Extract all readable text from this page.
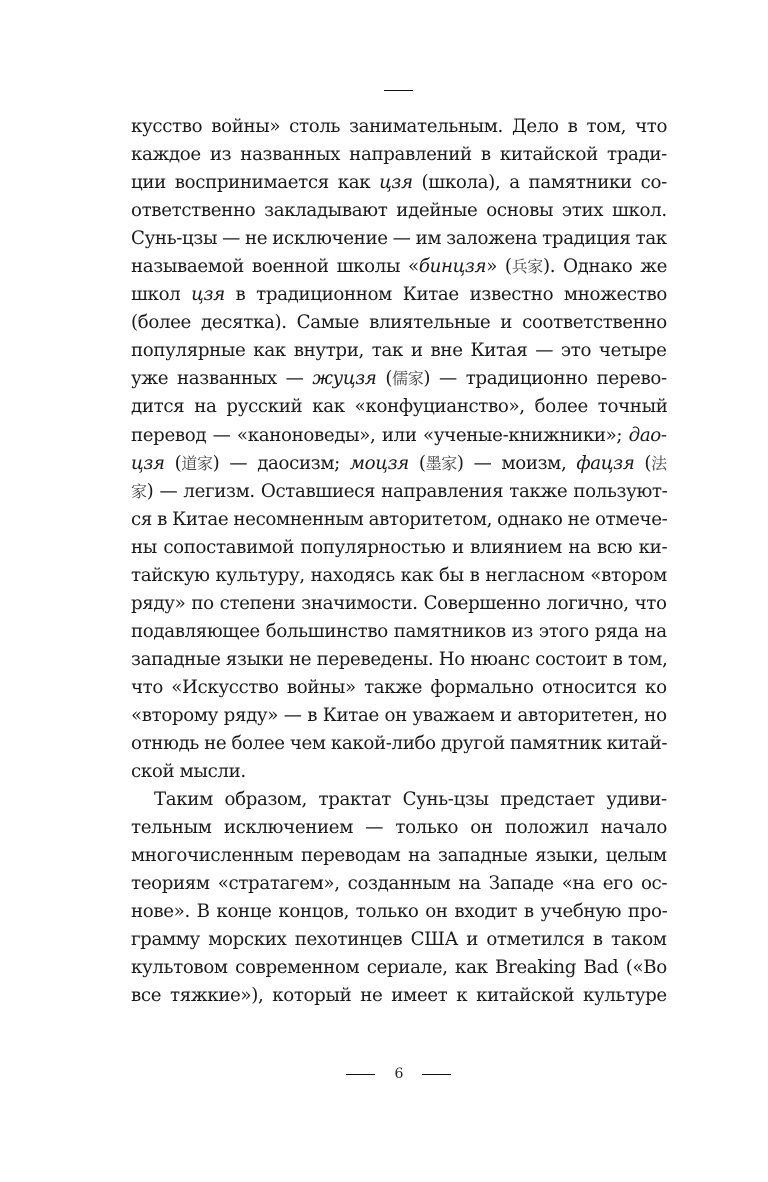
кусство войны» столь занимательным. Дело в том, что
каждое из названных направлений в китайской тради-
ции воспринимается как цзя (школа), а памятники со-
ответственно закладывают идейные основы этих школ.
Сунь-цзы — не исключение — им заложена традиция так
называемой военной школы «бинцзя» (兵家). Однако же
школ цзя в традиционном Китае известно множество
(более десятка). Самые влиятельные и соответственно
популярные как внутри, так и вне Китая — это четыре
уже названных — жуцзя (儒家) — традиционно перево-
дится на русский как «конфуцианство», более точный
перевод — «каноноведы», или «ученые-книжники»; дао-
цзя (道家) — даосизм; моцзя (墨家) — моизм, фацзя (法
家) — легизм. Оставшиеся направления также пользуют-
ся в Китае несомненным авторитетом, однако не отмече-
ны сопоставимой популярностью и влиянием на всю ки-
тайскую культуру, находясь как бы в негласном «втором
ряду» по степени значимости. Совершенно логично, что
подавляющее большинство памятников из этого ряда на
западные языки не переведены. Но нюанс состоит в том,
что «Искусство войны» также формально относится ко
«второму ряду» — в Китае он уважаем и авторитетен, но
отнюдь не более чем какой-либо другой памятник китай-
ской мысли.
Таким образом, трактат Сунь-цзы предстает удиви-
тельным исключением — только он положил начало
многочисленным переводам на западные языки, целым
теориям «стратагем», созданным на Западе «на его ос-
нове». В конце концов, только он входит в учебную про-
грамму морских пехотинцев США и отметился в таком
культовом современном сериале, как Breaking Bad («Во
все тяжкие»), который не имеет к китайской культуре
6
